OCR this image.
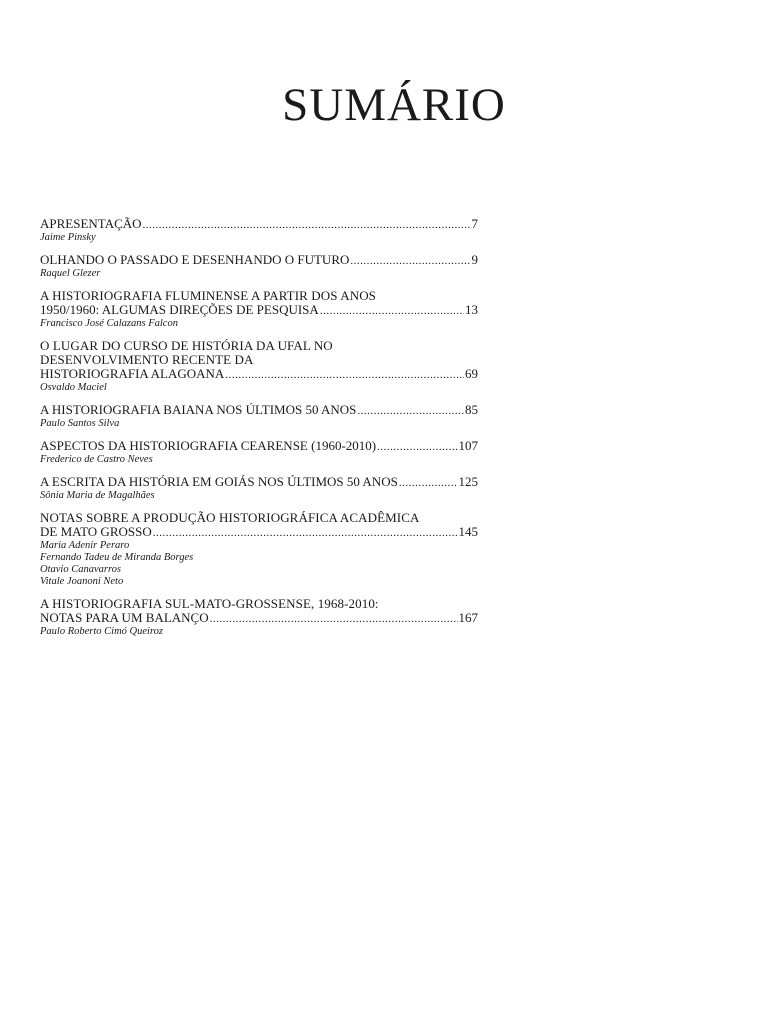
SUMÁRIO
APRESENTAÇÃO .....	7
Jaime Pinsky
OLHANDO O PASSADO E DESENHANDO O FUTURO .....	9
Raquel Glezer
A HISTORIOGRAFIA FLUMINENSE A PARTIR DOS ANOS
1950/1960: ALGUMAS DIREÇÕES DE PESQUISA .....	13
Francisco José Calazans Falcon
O LUGAR DO CURSO DE HISTÓRIA DA UFAL NO
DESENVOLVIMENTO RECENTE DA
HISTORIOGRAFIA ALAGOANA .....	69
Osvaldo Maciel
A HISTORIOGRAFIA BAIANA NOS ÚLTIMOS 50 ANOS .....	85
Paulo Santos Silva
ASPECTOS DA HISTORIOGRAFIA CEARENSE (1960-2010) .....	107
Frederico de Castro Neves
A ESCRITA DA HISTÓRIA EM GOIÁS NOS ÚLTIMOS 50 ANOS .....	125
Sônia Maria de Magalhães
NOTAS SOBRE A PRODUÇÃO HISTORIOGRÁFICA ACADÊMICA
DE MATO GROSSO .....	145
Maria Adenir Peraro
Fernando Tadeu de Miranda Borges
Otavio Canavarros
Vitale Joanoni Neto
A HISTORIOGRAFIA SUL-MATO-GROSSENSE, 1968-2010:
NOTAS PARA UM BALANÇO .....	167
Paulo Roberto Cimó Queiroz
